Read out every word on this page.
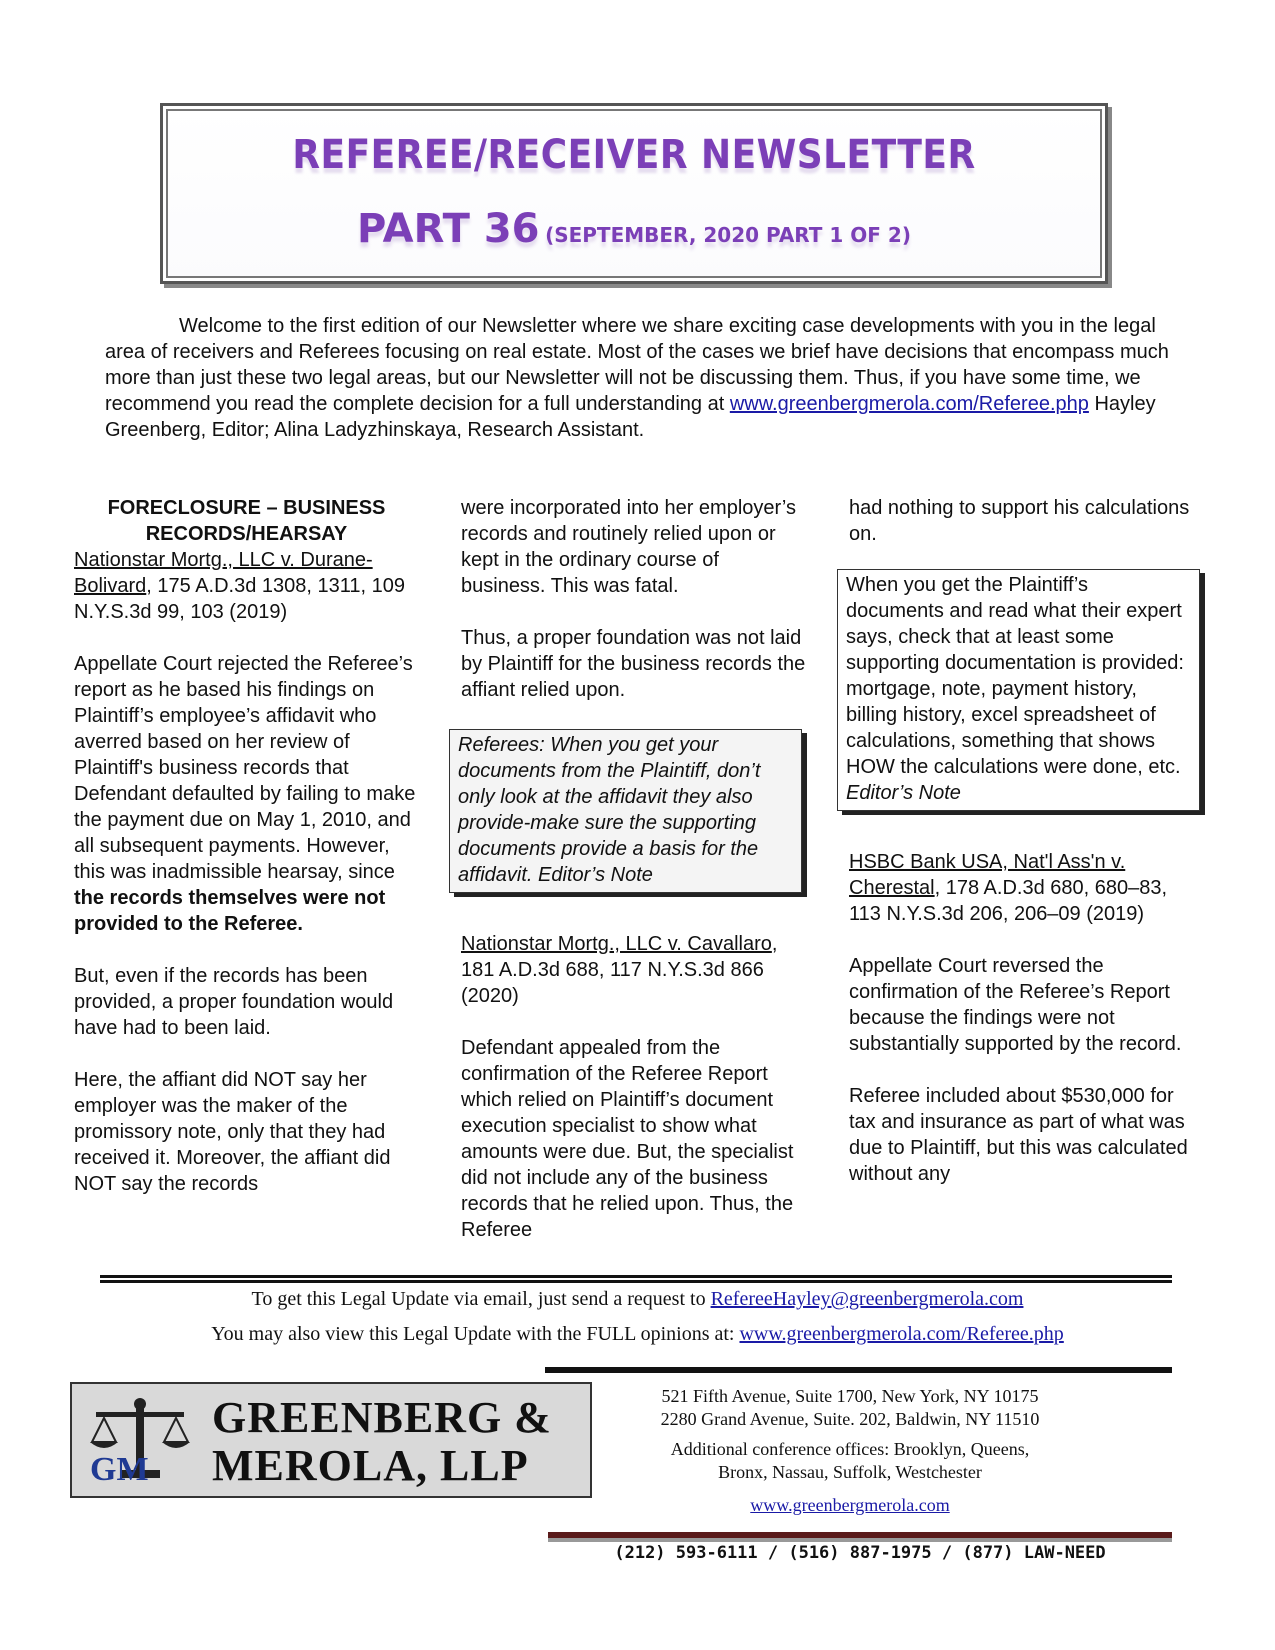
REFEREE/RECEIVER NEWSLETTER
PART 36 (SEPTEMBER, 2020 PART 1 OF 2)
Welcome to the first edition of our Newsletter where we share exciting case developments with you in the legal area of receivers and Referees focusing on real estate. Most of the cases we brief have decisions that encompass much more than just these two legal areas, but our Newsletter will not be discussing them. Thus, if you have some time, we recommend you read the complete decision for a full understanding at www.greenbergmerola.com/Referee.php Hayley Greenberg, Editor; Alina Ladyzhinskaya, Research Assistant.

FORECLOSURE – BUSINESS RECORDS/HEARSAY

Nationstar Mortg., LLC v. Durane-Bolivard, 175 A.D.3d 1308, 1311, 109 N.Y.S.3d 99, 103 (2019)

Appellate Court rejected the Referee’s report as he based his findings on Plaintiff’s employee’s affidavit who averred based on her review of Plaintiff's business records that Defendant defaulted by failing to make the payment due on May 1, 2010, and all subsequent payments. However, this was inadmissible hearsay, since the records themselves were not provided to the Referee.

But, even if the records has been provided, a proper foundation would have had to been laid.

Here, the affiant did NOT say her employer was the maker of the promissory note, only that they had received it. Moreover, the affiant did NOT say the records

were incorporated into her employer’s records and routinely relied upon or kept in the ordinary course of business. This was fatal.

Thus, a proper foundation was not laid by Plaintiff for the business records the affiant relied upon.

Referees: When you get your documents from the Plaintiff, don’t only look at the affidavit they also provide-make sure the supporting documents provide a basis for the affidavit. Editor’s Note

Nationstar Mortg., LLC v. Cavallaro, 181 A.D.3d 688, 117 N.Y.S.3d 866 (2020)

Defendant appealed from the confirmation of the Referee Report which relied on Plaintiff’s document execution specialist to show what amounts were due. But, the specialist did not include any of the business records that he relied upon. Thus, the Referee

had nothing to support his calculations on.

When you get the Plaintiff’s documents and read what their expert says, check that at least some supporting documentation is provided: mortgage, note, payment history, billing history, excel spreadsheet of calculations, something that shows HOW the calculations were done, etc.
Editor’s Note

HSBC Bank USA, Nat'l Ass'n v. Cherestal, 178 A.D.3d 680, 680–83, 113 N.Y.S.3d 206, 206–09 (2019)

Appellate Court reversed the confirmation of the Referee’s Report because the findings were not substantially supported by the record.

Referee included about $530,000 for tax and insurance as part of what was due to Plaintiff, but this was calculated without any

To get this Legal Update via email, just send a request to RefereeHayley@greenbergmerola.com
You may also view this Legal Update with the FULL opinions at: www.greenbergmerola.com/Referee.php
GM
GREENBERG &
MEROLA, LLP
521 Fifth Avenue, Suite 1700, New York, NY 10175
2280 Grand Avenue, Suite. 202, Baldwin, NY 11510
Additional conference offices: Brooklyn, Queens,
Bronx, Nassau, Suffolk, Westchester
www.greenbergmerola.com
(212) 593-6111 / (516) 887-1975 / (877) LAW-NEED
